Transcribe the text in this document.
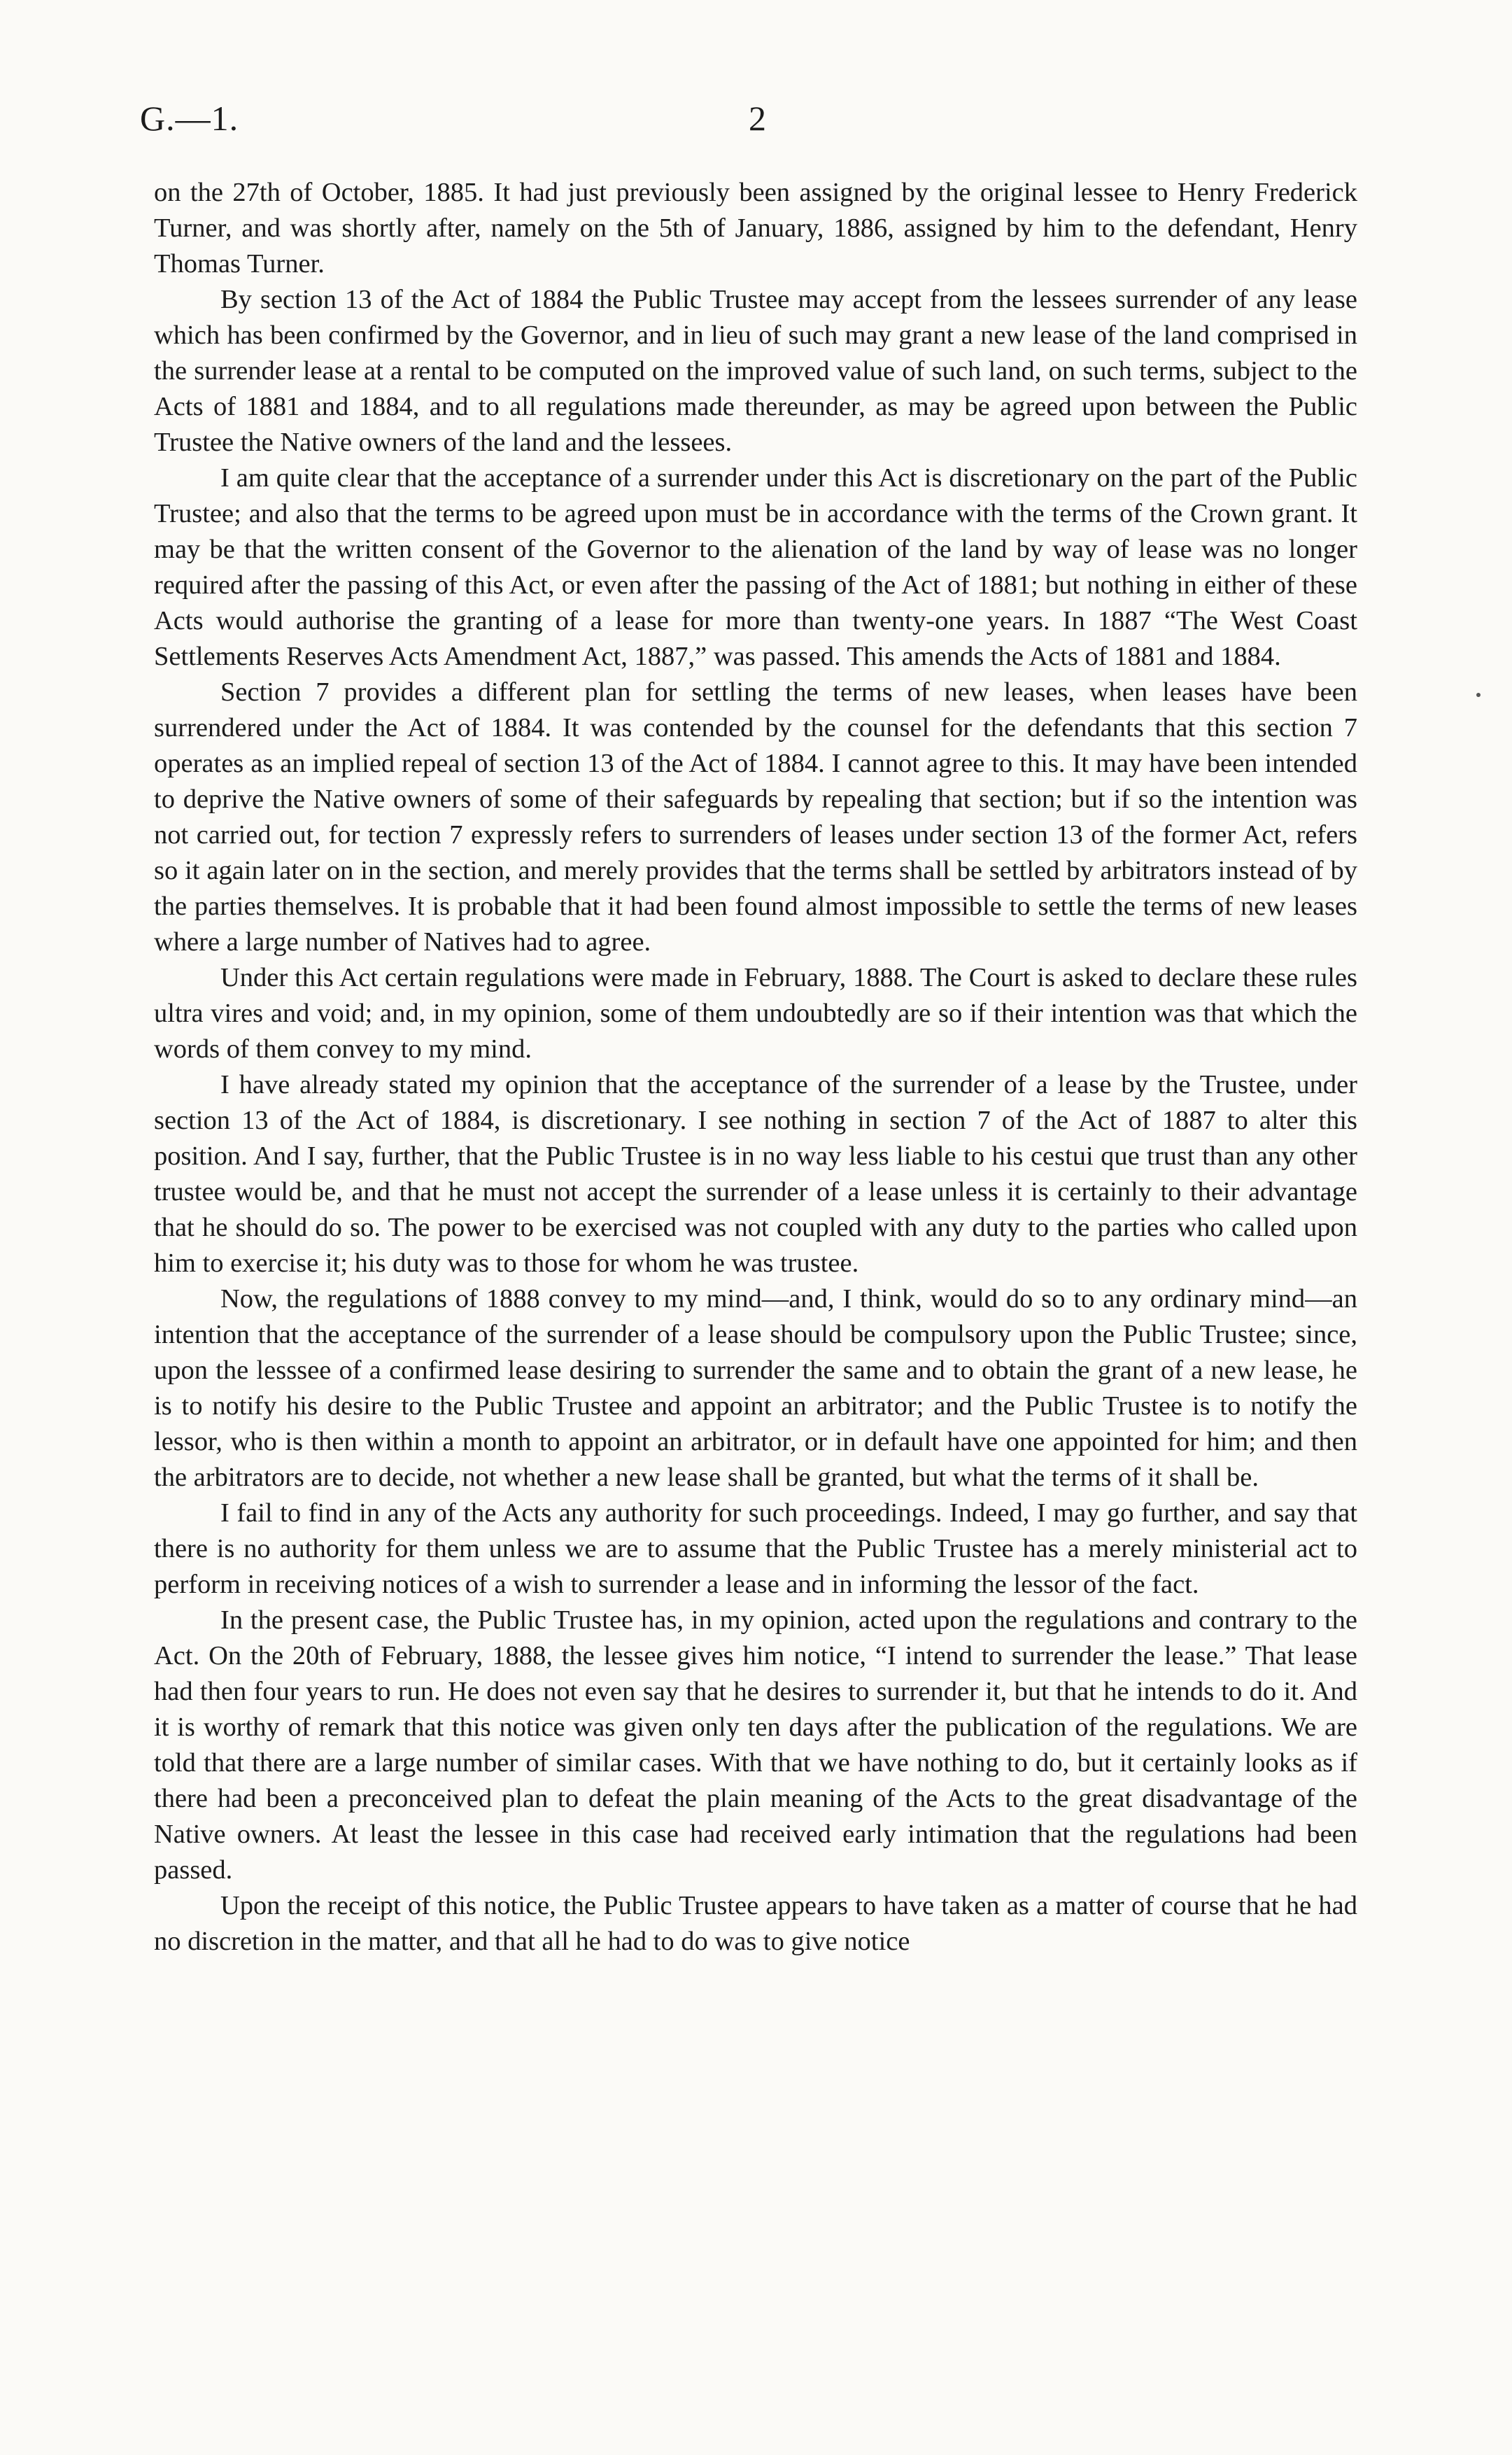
G.—1.	2

on the 27th of October, 1885. It had just previously been assigned by the original lessee to Henry Frederick Turner, and was shortly after, namely on the 5th of January, 1886, assigned by him to the defendant, Henry Thomas Turner.

By section 13 of the Act of 1884 the Public Trustee may accept from the lessees surrender of any lease which has been confirmed by the Governor, and in lieu of such may grant a new lease of the land comprised in the surrender lease at a rental to be computed on the improved value of such land, on such terms, subject to the Acts of 1881 and 1884, and to all regulations made thereunder, as may be agreed upon between the Public Trustee the Native owners of the land and the lessees.

I am quite clear that the acceptance of a surrender under this Act is discretionary on the part of the Public Trustee; and also that the terms to be agreed upon must be in accordance with the terms of the Crown grant. It may be that the written consent of the Governor to the alienation of the land by way of lease was no longer required after the passing of this Act, or even after the passing of the Act of 1881; but nothing in either of these Acts would authorise the granting of a lease for more than twenty-one years. In 1887 “The West Coast Settlements Reserves Acts Amendment Act, 1887,” was passed. This amends the Acts of 1881 and 1884.

Section 7 provides a different plan for settling the terms of new leases, when leases have been surrendered under the Act of 1884. It was contended by the counsel for the defendants that this section 7 operates as an implied repeal of section 13 of the Act of 1884. I cannot agree to this. It may have been intended to deprive the Native owners of some of their safeguards by repealing that section; but if so the intention was not carried out, for tection 7 expressly refers to surrenders of leases under section 13 of the former Act, refers so it again later on in the section, and merely provides that the terms shall be settled by arbitrators instead of by the parties themselves. It is probable that it had been found almost impossible to settle the terms of new leases where a large number of Natives had to agree.

Under this Act certain regulations were made in February, 1888. The Court is asked to declare these rules ultra vires and void; and, in my opinion, some of them undoubtedly are so if their intention was that which the words of them convey to my mind.

I have already stated my opinion that the acceptance of the surrender of a lease by the Trustee, under section 13 of the Act of 1884, is discretionary. I see nothing in section 7 of the Act of 1887 to alter this position. And I say, further, that the Public Trustee is in no way less liable to his cestui que trust than any other trustee would be, and that he must not accept the surrender of a lease unless it is certainly to their advantage that he should do so. The power to be exercised was not coupled with any duty to the parties who called upon him to exercise it; his duty was to those for whom he was trustee.

Now, the regulations of 1888 convey to my mind—and, I think, would do so to any ordinary mind—an intention that the acceptance of the surrender of a lease should be compulsory upon the Public Trustee; since, upon the lesssee of a confirmed lease desiring to surrender the same and to obtain the grant of a new lease, he is to notify his desire to the Public Trustee and appoint an arbitrator; and the Public Trustee is to notify the lessor, who is then within a month to appoint an arbitrator, or in default have one appointed for him; and then the arbitrators are to decide, not whether a new lease shall be granted, but what the terms of it shall be.

I fail to find in any of the Acts any authority for such proceedings. Indeed, I may go further, and say that there is no authority for them unless we are to assume that the Public Trustee has a merely ministerial act to perform in receiving notices of a wish to surrender a lease and in informing the lessor of the fact.

In the present case, the Public Trustee has, in my opinion, acted upon the regulations and contrary to the Act. On the 20th of February, 1888, the lessee gives him notice, “I intend to surrender the lease.” That lease had then four years to run. He does not even say that he desires to surrender it, but that he intends to do it. And it is worthy of remark that this notice was given only ten days after the publication of the regulations. We are told that there are a large number of similar cases. With that we have nothing to do, but it certainly looks as if there had been a preconceived plan to defeat the plain meaning of the Acts to the great disadvantage of the Native owners. At least the lessee in this case had received early intimation that the regulations had been passed.

Upon the receipt of this notice, the Public Trustee appears to have taken as a matter of course that he had no discretion in the matter, and that all he had to do was to give notice
